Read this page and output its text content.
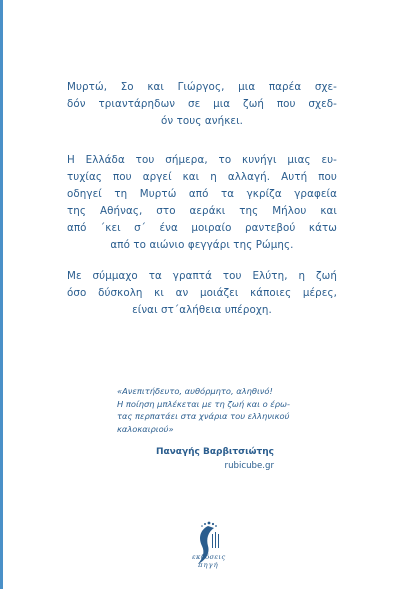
Μυρτώ, Σο και Γιώργος, μια παρέα σχε-
δόν τριαντάρηδων σε μια ζωή που σχεδ-
όν τους ανήκει.
Η Ελλάδα του σήμερα, το κυνήγι μιας ευ-
τυχίας που αργεί και η αλλαγή. Αυτή που
οδηγεί τη Μυρτώ από τα γκρίζα γραφεία
της Αθήνας, στο αεράκι της Μήλου και
από ΄κει σ΄ ένα μοιραίο ραντεβού κάτω
από το αιώνιο φεγγάρι της Ρώμης.
Με σύμμαχο τα γραπτά του Ελύτη, η ζωή
όσο δύσκολη κι αν μοιάζει κάποιες μέρες,
είναι στ΄αλήθεια υπέροχη.
«Ανεπιτήδευτο, αυθόρμητο, αληθινό!
Η ποίηση μπλέκεται με τη ζωή και ο έρω-
τας περπατάει στα χνάρια του ελληνικού
καλοκαιριού»
Παναγής Βαρβιτσιώτης
rubicube.gr
εκδόσεις
πηγή
